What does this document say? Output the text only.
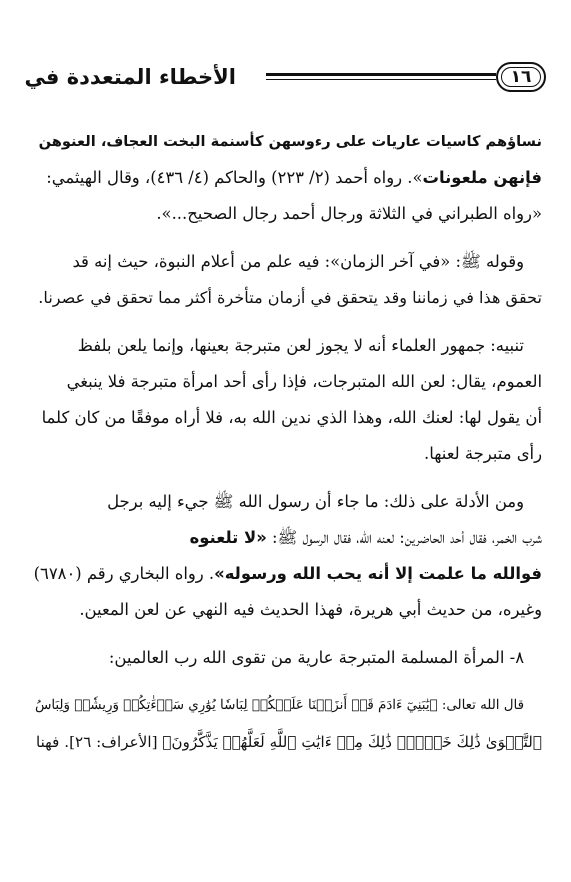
١٦
الأخطاء المتعددة في

نساؤهم كاسيات عاريات على رءوسهن كأسنمة البخت العجاف، العنوهن
فإنهن ملعونات». رواه أحمد (٢/ ٢٢٣) والحاكم (٤/ ٤٣٦)، وقال الهيثمي:
«رواه الطبراني في الثلاثة ورجال أحمد رجال الصحيح...».

وقوله ﷺ: «في آخر الزمان»: فيه علم من أعلام النبوة، حيث إنه قد
تحقق هذا في زماننا وقد يتحقق في أزمان متأخرة أكثر مما تحقق في عصرنا.

تنبيه: جمهور العلماء أنه لا يجوز لعن متبرجة بعينها، وإنما يلعن بلفظ
العموم، يقال: لعن الله المتبرجات، فإذا رأى أحد امرأة متبرجة فلا ينبغي
أن يقول لها: لعنك الله، وهذا الذي ندين الله به، فلا أراه موفقًا من كان كلما
رأى متبرجة لعنها.

ومن الأدلة على ذلك: ما جاء أن رسول الله ﷺ جيء إليه برجل
شرب الخمر، فقال أحد الحاضرين: لعنه الله، فقال الرسول ﷺ: «لا تلعنوه
فوالله ما علمت إلا أنه يحب الله ورسوله». رواه البخاري رقم (٦٧٨٠)
وغيره، من حديث أبي هريرة، فهذا الحديث فيه النهي عن لعن المعين.

٨- المرأة المسلمة المتبرجة عارية من تقوى الله رب العالمين:

قال الله تعالى: ﴿يَٰبَنِيٓ ءَادَمَ قَدۡ أَنزَلۡنَا عَلَيۡكُمۡ لِبَاسٗا يُوَٰرِي سَوۡءَٰتِكُمۡ وَرِيشٗاۖ وَلِبَاسُ
ٱلتَّقۡوَىٰ ذَٰلِكَ خَيۡرٞۚ ذَٰلِكَ مِنۡ ءَايَٰتِ ٱللَّهِ لَعَلَّهُمۡ يَذَّكَّرُونَ﴾ [الأعراف: ٢٦]. فهنا
